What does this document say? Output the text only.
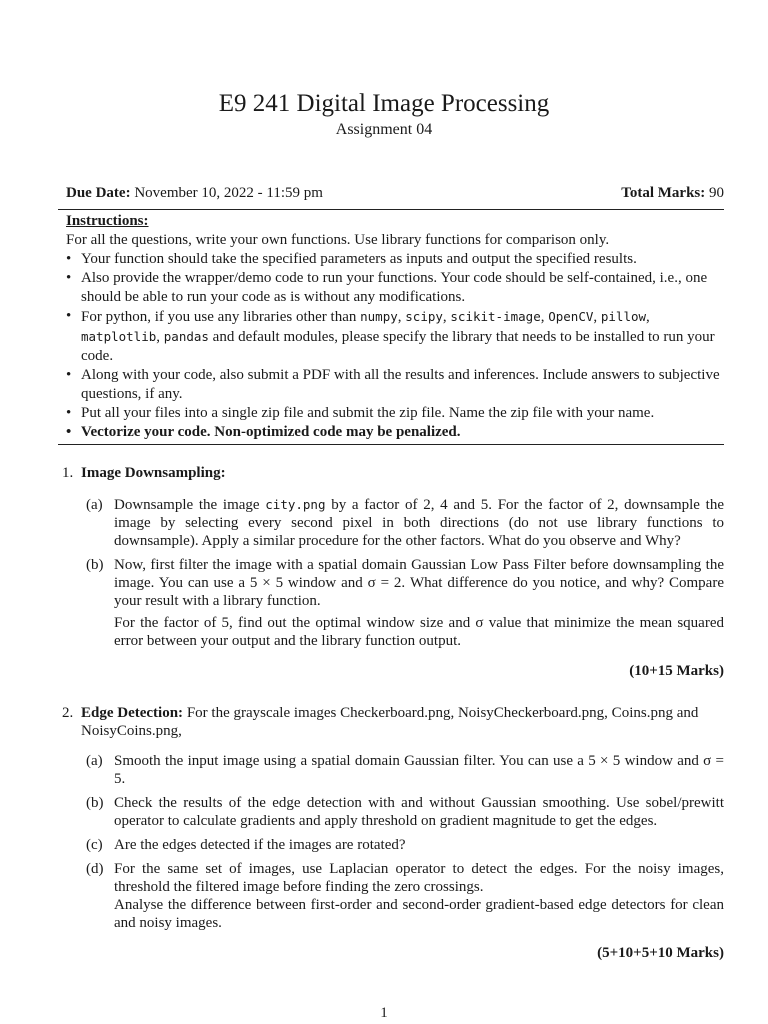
E9 241 Digital Image Processing
Assignment 04
Due Date: November 10, 2022 - 11:59 pm	Total Marks: 90
Instructions:
For all the questions, write your own functions. Use library functions for comparison only.
• Your function should take the specified parameters as inputs and output the specified results.
• Also provide the wrapper/demo code to run your functions. Your code should be self-contained, i.e., one should be able to run your code as is without any modifications.
• For python, if you use any libraries other than numpy, scipy, scikit-image, OpenCV, pillow, matplotlib, pandas and default modules, please specify the library that needs to be installed to run your code.
• Along with your code, also submit a PDF with all the results and inferences. Include answers to subjective questions, if any.
• Put all your files into a single zip file and submit the zip file. Name the zip file with your name.
• Vectorize your code. Non-optimized code may be penalized.
1. Image Downsampling:
(a) Downsample the image city.png by a factor of 2, 4 and 5. For the factor of 2, downsample the image by selecting every second pixel in both directions (do not use library functions to downsample). Apply a similar procedure for the other factors. What do you observe and Why?
(b) Now, first filter the image with a spatial domain Gaussian Low Pass Filter before downsampling the image. You can use a 5 × 5 window and σ = 2. What difference do you notice, and why? Compare your result with a library function.
For the factor of 5, find out the optimal window size and σ value that minimize the mean squared error between your output and the library function output.
(10+15 Marks)
2. Edge Detection: For the grayscale images Checkerboard.png, NoisyCheckerboard.png, Coins.png and NoisyCoins.png,
(a) Smooth the input image using a spatial domain Gaussian filter. You can use a 5 × 5 window and σ = 5.
(b) Check the results of the edge detection with and without Gaussian smoothing. Use sobel/prewitt operator to calculate gradients and apply threshold on gradient magnitude to get the edges.
(c) Are the edges detected if the images are rotated?
(d) For the same set of images, use Laplacian operator to detect the edges. For the noisy images, threshold the filtered image before finding the zero crossings.
Analyse the difference between first-order and second-order gradient-based edge detectors for clean and noisy images.
(5+10+5+10 Marks)
1
